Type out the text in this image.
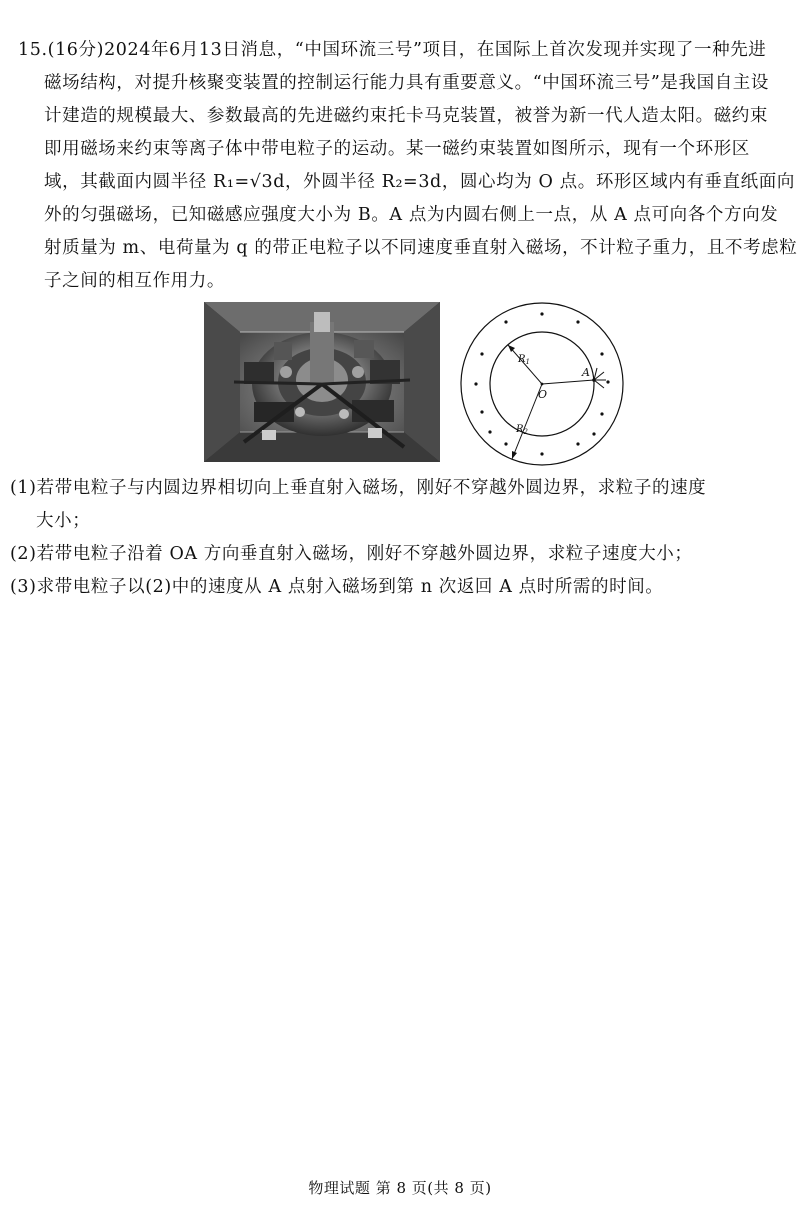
15.(16分)2024年6月13日消息，“中国环流三号”项目，在国际上首次发现并实现了一种先进
磁场结构，对提升核聚变装置的控制运行能力具有重要意义。“中国环流三号”是我国自主设
计建造的规模最大、参数最高的先进磁约束托卡马克装置，被誉为新一代人造太阳。磁约束
即用磁场来约束等离子体中带电粒子的运动。某一磁约束装置如图所示，现有一个环形区
域，其截面内圆半径 R₁=√3d，外圆半径 R₂=3d，圆心均为 O 点。环形区域内有垂直纸面向
外的匀强磁场，已知磁感应强度大小为 B。A 点为内圆右侧上一点，从 A 点可向各个方向发
射质量为 m、电荷量为 q 的带正电粒子以不同速度垂直射入磁场，不计粒子重力，且不考虑粒
子之间的相互作用力。
$R_1$
$R_2$
O
A
(1)若带电粒子与内圆边界相切向上垂直射入磁场，刚好不穿越外圆边界，求粒子的速度
大小；
(2)若带电粒子沿着 OA 方向垂直射入磁场，刚好不穿越外圆边界，求粒子速度大小；
(3)求带电粒子以(2)中的速度从 A 点射入磁场到第 n 次返回 A 点时所需的时间。
物理试题 第 8 页(共 8 页)
